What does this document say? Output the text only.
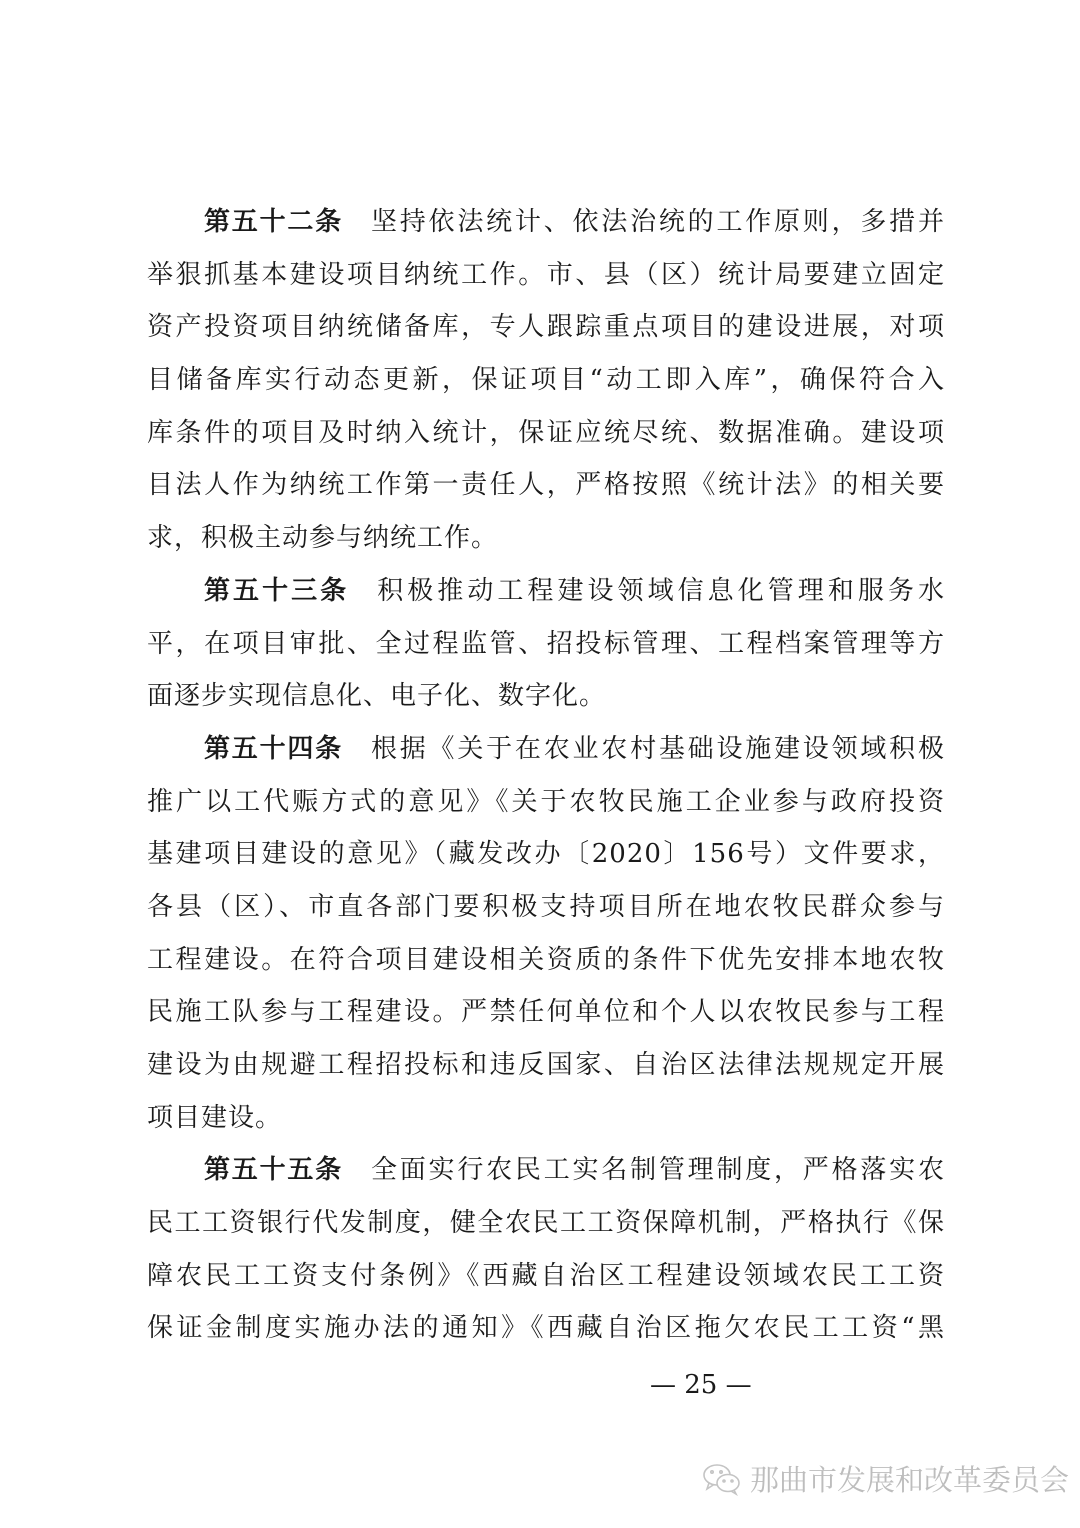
第五十二条 坚持依法统计、依法治统的工作原则，多措并
举狠抓基本建设项目纳统工作。市、县（区）统计局要建立固定
资产投资项目纳统储备库，专人跟踪重点项目的建设进展，对项
目储备库实行动态更新，保证项目“动工即入库”，确保符合入
库条件的项目及时纳入统计，保证应统尽统、数据准确。建设项
目法人作为纳统工作第一责任人，严格按照《统计法》的相关要
求，积极主动参与纳统工作。
第五十三条 积极推动工程建设领域信息化管理和服务水
平，在项目审批、全过程监管、招投标管理、工程档案管理等方
面逐步实现信息化、电子化、数字化。
第五十四条 根据《关于在农业农村基础设施建设领域积极
推广以工代赈方式的意见》《关于农牧民施工企业参与政府投资
基建项目建设的意见》（藏发改办〔2020〕156号）文件要求，
各县（区）、市直各部门要积极支持项目所在地农牧民群众参与
工程建设。在符合项目建设相关资质的条件下优先安排本地农牧
民施工队参与工程建设。严禁任何单位和个人以农牧民参与工程
建设为由规避工程招投标和违反国家、自治区法律法规规定开展
项目建设。
第五十五条 全面实行农民工实名制管理制度，严格落实农
民工工资银行代发制度，健全农民工工资保障机制，严格执行《保
障农民工工资支付条例》《西藏自治区工程建设领域农民工工资
保证金制度实施办法的通知》《西藏自治区拖欠农民工工资“黑
— 25 —
那曲市发展和改革委员会
